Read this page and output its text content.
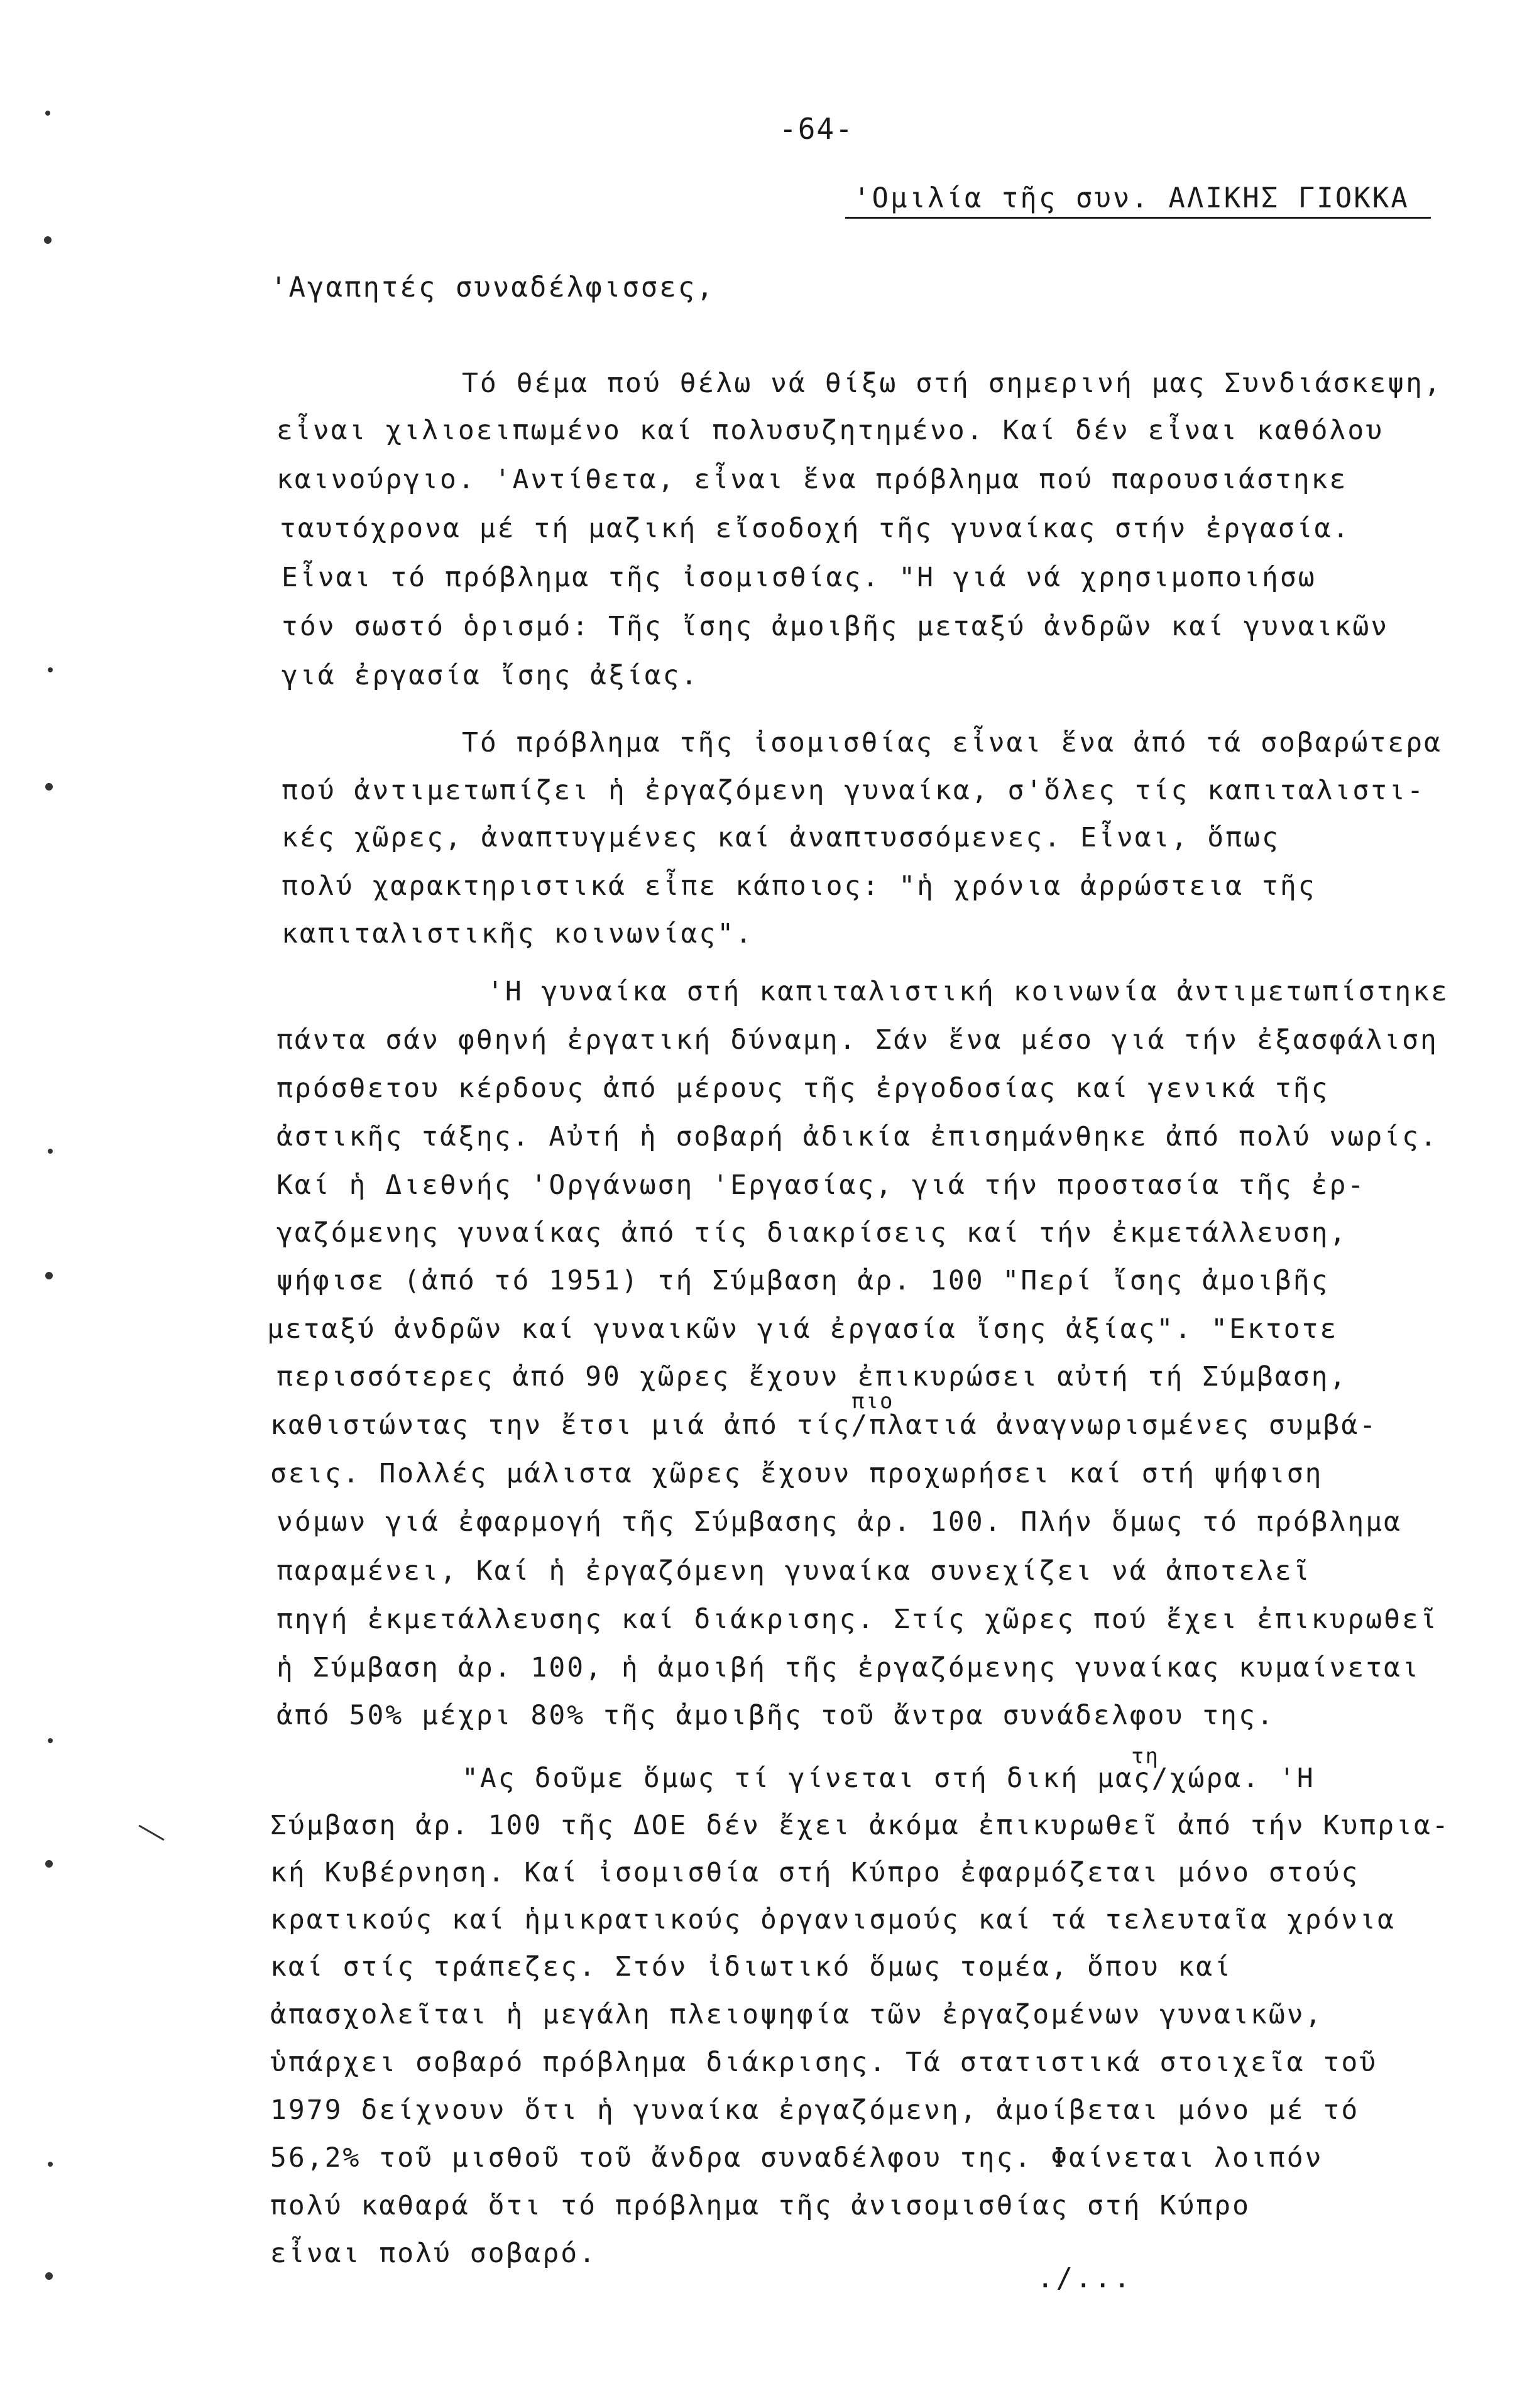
-64-
'Ομιλία τῆς συν. ΑΛΙΚΗΣ ΓΙΟΚΚΑ
'Αγαπητές συναδέλφισσες,
Τό θέμα πού θέλω νά θίξω στή σημερινή μας Συνδιάσκεψη,
εἶναι χιλιοειπωμένο καί πολυσυζητημένο. Καί δέν εἶναι καθόλου
καινούργιο. 'Αντίθετα, εἶναι ἕνα πρόβλημα πού παρουσιάστηκε
ταυτόχρονα μέ τή μαζική εἴσοδοχή τῆς γυναίκας στήν ἐργασία.
Εἶναι τό πρόβλημα τῆς ἰσομισθίας. "Η γιά νά χρησιμοποιήσω
τόν σωστό ὁρισμό: Τῆς ἴσης ἀμοιβῆς μεταξύ ἀνδρῶν καί γυναικῶν
γιά ἐργασία ἴσης ἀξίας.
Τό πρόβλημα τῆς ἰσομισθίας εἶναι ἕνα ἀπό τά σοβαρώτερα
πού ἀντιμετωπίζει ἡ ἐργαζόμενη γυναίκα, σ'ὅλες τίς καπιταλιστι-
κές χῶρες, ἀναπτυγμένες καί ἀναπτυσσόμενες. Εἶναι, ὅπως
πολύ χαρακτηριστικά εἶπε κάποιος: "ἡ χρόνια ἀρρώστεια τῆς
καπιταλιστικῆς κοινωνίας".
'Η γυναίκα στή καπιταλιστική κοινωνία ἀντιμετωπίστηκε
πάντα σάν φθηνή ἐργατική δύναμη. Σάν ἕνα μέσο γιά τήν ἐξασφάλιση
πρόσθετου κέρδους ἀπό μέρους τῆς ἐργοδοσίας καί γενικά τῆς
ἀστικῆς τάξης. Αὐτή ἡ σοβαρή ἀδικία ἐπισημάνθηκε ἀπό πολύ νωρίς.
Καί ἡ Διεθνής 'Οργάνωση 'Εργασίας, γιά τήν προστασία τῆς ἐρ-
γαζόμενης γυναίκας ἀπό τίς διακρίσεις καί τήν ἐκμετάλλευση,
ψήφισε (ἀπό τό 1951) τή Σύμβαση ἀρ. 100 "Περί ἴσης ἀμοιβῆς
μεταξύ ἀνδρῶν καί γυναικῶν γιά ἐργασία ἴσης ἀξίας". "Εκτοτε
περισσότερες ἀπό 90 χῶρες ἔχουν ἐπικυρώσει αὐτή τή Σύμβαση,
πιο
καθιστώντας την ἔτσι μιά ἀπό τίς/πλατιά ἀναγνωρισμένες συμβά-
σεις. Πολλές μάλιστα χῶρες ἔχουν προχωρήσει καί στή ψήφιση
νόμων γιά ἐφαρμογή τῆς Σύμβασης ἀρ. 100. Πλήν ὅμως τό πρόβλημα
παραμένει, Καί ἡ ἐργαζόμενη γυναίκα συνεχίζει νά ἀποτελεῖ
πηγή ἐκμετάλλευσης καί διάκρισης. Στίς χῶρες πού ἔχει ἐπικυρωθεῖ
ἡ Σύμβαση ἀρ. 100, ἡ ἀμοιβή τῆς ἐργαζόμενης γυναίκας κυμαίνεται
ἀπό 50% μέχρι 80% τῆς ἀμοιβῆς τοῦ ἄντρα συνάδελφου της.
τη
"Ας δοῦμε ὅμως τί γίνεται στή δική μας/χώρα. 'Η
Σύμβαση ἀρ. 100 τῆς ΔΟΕ δέν ἔχει ἀκόμα ἐπικυρωθεῖ ἀπό τήν Κυπρια-
κή Κυβέρνηση. Καί ἰσομισθία στή Κύπρο ἐφαρμόζεται μόνο στούς
κρατικούς καί ἡμικρατικούς ὀργανισμούς καί τά τελευταῖα χρόνια
καί στίς τράπεζες. Στόν ἰδιωτικό ὅμως τομέα, ὅπου καί
ἀπασχολεῖται ἡ μεγάλη πλειοψηφία τῶν ἐργαζομένων γυναικῶν,
ὑπάρχει σοβαρό πρόβλημα διάκρισης. Τά στατιστικά στοιχεῖα τοῦ
1979 δείχνουν ὅτι ἡ γυναίκα ἐργαζόμενη, ἀμοίβεται μόνο μέ τό
56,2% τοῦ μισθοῦ τοῦ ἄνδρα συναδέλφου της. Φαίνεται λοιπόν
πολύ καθαρά ὅτι τό πρόβλημα τῆς ἀνισομισθίας στή Κύπρο
εἶναι πολύ σοβαρό.
./...
